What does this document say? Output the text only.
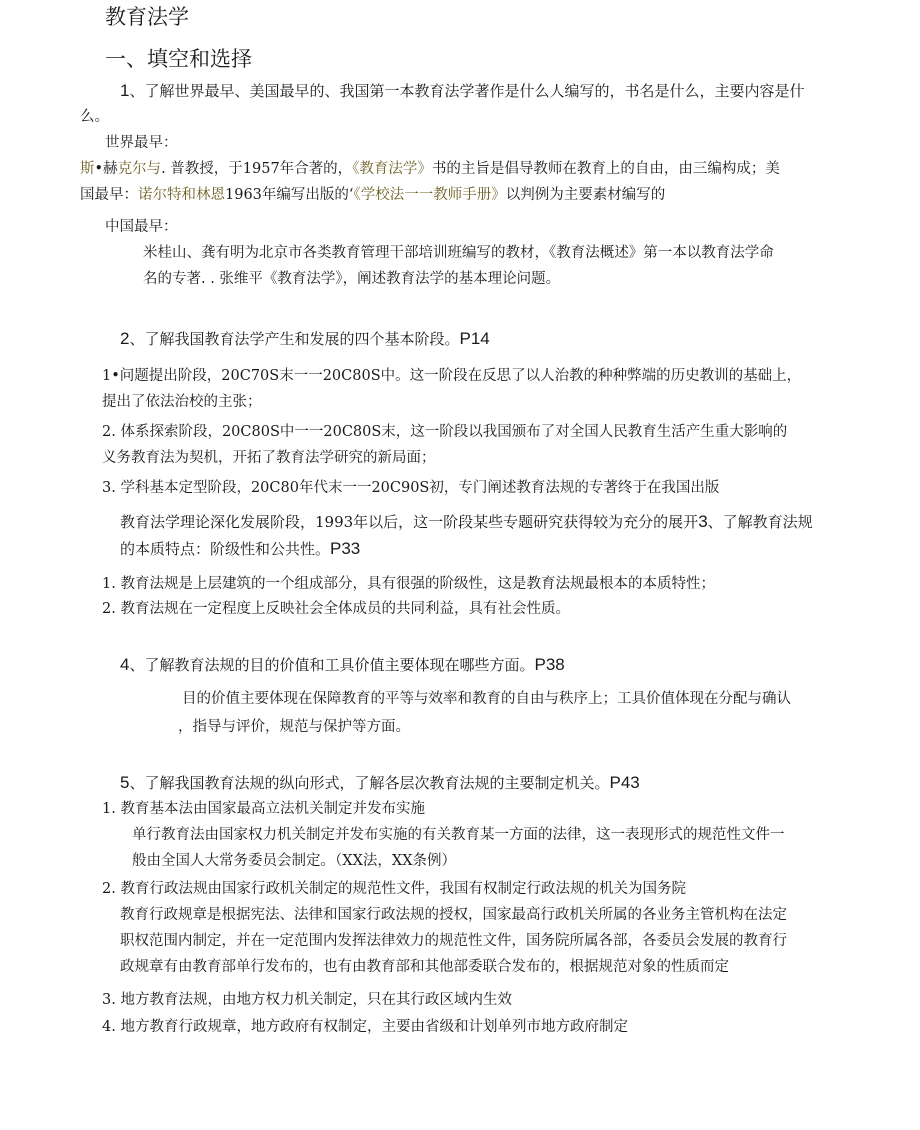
教育法学
一、填空和选择
1、了解世界最早、美国最早的、我国第一本教育法学著作是什么人编写的，书名是什么，主要内容是什
么。
世界最早：
斯•赫克尔与. 普教授，于1957年合著的，《教育法学》书的主旨是倡导教师在教育上的自由，由三编构成；美
国最早：诺尔特和林恩1963年编写出版的‘《学校法一一教师手册》以判例为主要素材编写的
中国最早：
米桂山、龚有明为北京市各类教育管理干部培训班编写的教材，《教育法概述》第一本以教育法学命
名的专著. . 张维平《教育法学》，阐述教育法学的基本理论问题。
2、了解我国教育法学产生和发展的四个基本阶段。P14
1•问题提出阶段，20C70S末一一20C80S中。这一阶段在反思了以人治教的种种弊端的历史教训的基础上，
提出了依法治校的主张；
2. 体系探索阶段，20C80S中一一20C80S末，这一阶段以我国颁布了对全国人民教育生活产生重大影响的
义务教育法为契机，开拓了教育法学研究的新局面；
3. 学科基本定型阶段，20C80年代末一一20C90S初，专门阐述教育法规的专著终于在我国出版
教育法学理论深化发展阶段，1993年以后，这一阶段某些专题研究获得较为充分的展开3、了解教育法规
的本质特点：阶级性和公共性。P33
1. 教育法规是上层建筑的一个组成部分，具有很强的阶级性，这是教育法规最根本的本质特性；
2. 教育法规在一定程度上反映社会全体成员的共同利益，具有社会性质。
4、了解教育法规的目的价值和工具价值主要体现在哪些方面。P38
目的价值主要体现在保障教育的平等与效率和教育的自由与秩序上；工具价值体现在分配与确认
，指导与评价，规范与保护等方面。
5、了解我国教育法规的纵向形式，了解各层次教育法规的主要制定机关。P43
1. 教育基本法由国家最高立法机关制定并发布实施
单行教育法由国家权力机关制定并发布实施的有关教育某一方面的法律，这一表现形式的规范性文件一
般由全国人大常务委员会制定。（XX法，XX条例）
2. 教育行政法规由国家行政机关制定的规范性文件，我国有权制定行政法规的机关为国务院
教育行政规章是根据宪法、法律和国家行政法规的授权，国家最高行政机关所属的各业务主管机构在法定
职权范围内制定，并在一定范围内发挥法律效力的规范性文件，国务院所属各部，各委员会发展的教育行
政规章有由教育部单行发布的，也有由教育部和其他部委联合发布的，根据规范对象的性质而定
3. 地方教育法规，由地方权力机关制定，只在其行政区域内生效
4. 地方教育行政规章，地方政府有权制定，主要由省级和计划单列市地方政府制定
